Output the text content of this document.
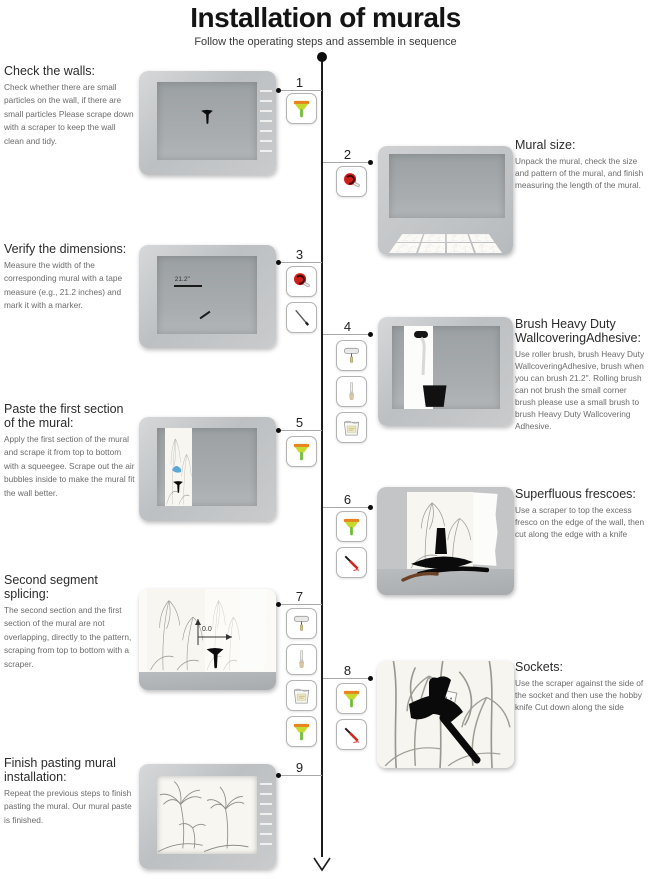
Installation of murals

Follow the operating steps and assemble in sequence

Check the walls:

Check whether there are small particles on the wall, if there are small particles Please scrape down with a scraper to keep the wall clean and tidy.

1
Mural size:

Unpack the mural, check the size and pattern of the mural, and finish measuring the length of the mural.

2
Verify the dimensions:

Measure the width of the corresponding mural with a tape measure (e.g., 21.2 inches) and mark it with a marker.

21.2"
3
Brush Heavy Duty WallcoveringAdhesive:

Use roller brush, brush Heavy Duty WallcoveringAdhesive, brush when you can brush 21.2". Rolling brush can not brush the small corner brush please use a small brush to brush Heavy Duty Wallcovering Adhesive.

4
Paste the first section of the mural:

Apply the first section of the mural and scrape it from top to bottom with a squeegee. Scrape out the air bubbles inside to make the mural fit the wall better.

5
Superfluous frescoes:

Use a scraper to top the excess fresco on the edge of the wall, then cut along the edge with a knife

6
Second segment splicing:

The second section and the first section of the mural are not overlapping, directly to the pattern, scraping from top to bottom with a scraper.

0.0
7
Sockets:

Use the scraper against the side of the socket and then use the hobby knife Cut down along the side

8
Finish pasting mural installation:

Repeat the previous steps to finish pasting the mural. Our mural paste is finished.

9
